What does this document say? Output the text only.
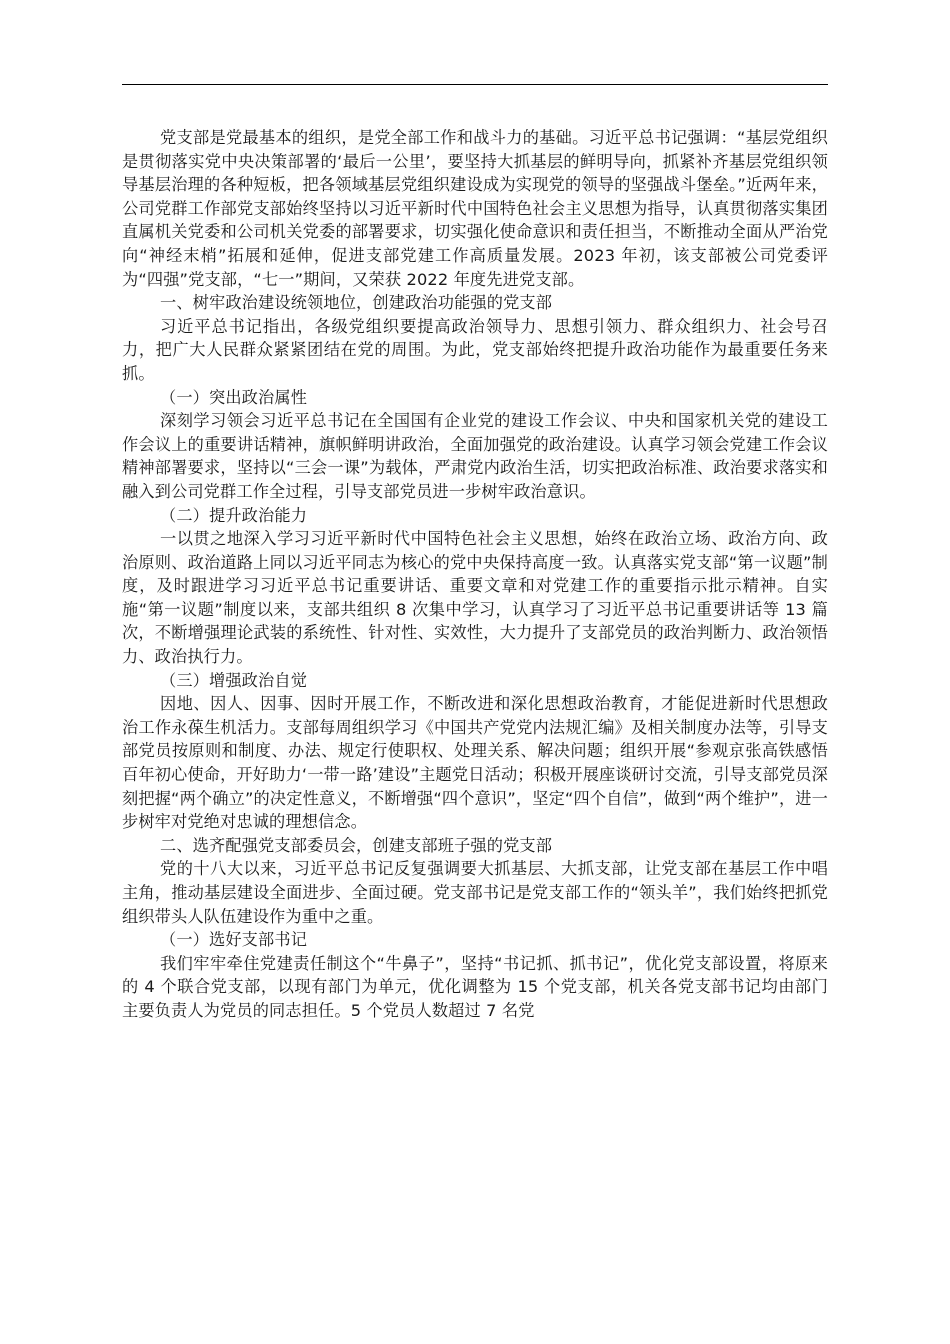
党支部是党最基本的组织，是党全部工作和战斗力的基础。习近平总书记强调：“基层党组织是贯彻落实党中央决策部署的‘最后一公里’，要坚持大抓基层的鲜明导向，抓紧补齐基层党组织领导基层治理的各种短板，把各领域基层党组织建设成为实现党的领导的坚强战斗堡垒。”近两年来，公司党群工作部党支部始终坚持以习近平新时代中国特色社会主义思想为指导，认真贯彻落实集团直属机关党委和公司机关党委的部署要求，切实强化使命意识和责任担当，不断推动全面从严治党向“神经末梢”拓展和延伸，促进支部党建工作高质量发展。2023 年初，该支部被公司党委评为“四强”党支部，“七一”期间，又荣获 2022 年度先进党支部。

一、树牢政治建设统领地位，创建政治功能强的党支部

习近平总书记指出，各级党组织要提高政治领导力、思想引领力、群众组织力、社会号召力，把广大人民群众紧紧团结在党的周围。为此，党支部始终把提升政治功能作为最重要任务来抓。

（一）突出政治属性

深刻学习领会习近平总书记在全国国有企业党的建设工作会议、中央和国家机关党的建设工作会议上的重要讲话精神，旗帜鲜明讲政治，全面加强党的政治建设。认真学习领会党建工作会议精神部署要求，坚持以“三会一课”为载体，严肃党内政治生活，切实把政治标准、政治要求落实和融入到公司党群工作全过程，引导支部党员进一步树牢政治意识。

（二）提升政治能力

一以贯之地深入学习习近平新时代中国特色社会主义思想，始终在政治立场、政治方向、政治原则、政治道路上同以习近平同志为核心的党中央保持高度一致。认真落实党支部“第一议题”制度，及时跟进学习习近平总书记重要讲话、重要文章和对党建工作的重要指示批示精神。自实施“第一议题”制度以来，支部共组织 8 次集中学习，认真学习了习近平总书记重要讲话等 13 篇次，不断增强理论武装的系统性、针对性、实效性，大力提升了支部党员的政治判断力、政治领悟力、政治执行力。

（三）增强政治自觉

因地、因人、因事、因时开展工作，不断改进和深化思想政治教育，才能促进新时代思想政治工作永葆生机活力。支部每周组织学习《中国共产党党内法规汇编》及相关制度办法等，引导支部党员按原则和制度、办法、规定行使职权、处理关系、解决问题；组织开展“参观京张高铁感悟百年初心使命，开好助力‘一带一路’建设”主题党日活动；积极开展座谈研讨交流，引导支部党员深刻把握“两个确立”的决定性意义，不断增强“四个意识”，坚定“四个自信”，做到“两个维护”，进一步树牢对党绝对忠诚的理想信念。

二、选齐配强党支部委员会，创建支部班子强的党支部

党的十八大以来，习近平总书记反复强调要大抓基层、大抓支部，让党支部在基层工作中唱主角，推动基层建设全面进步、全面过硬。党支部书记是党支部工作的“领头羊”，我们始终把抓党组织带头人队伍建设作为重中之重。

（一）选好支部书记

我们牢牢牵住党建责任制这个“牛鼻子”，坚持“书记抓、抓书记”，优化党支部设置，将原来的 4 个联合党支部，以现有部门为单元，优化调整为 15 个党支部，机关各党支部书记均由部门主要负责人为党员的同志担任。5 个党员人数超过 7 名党
